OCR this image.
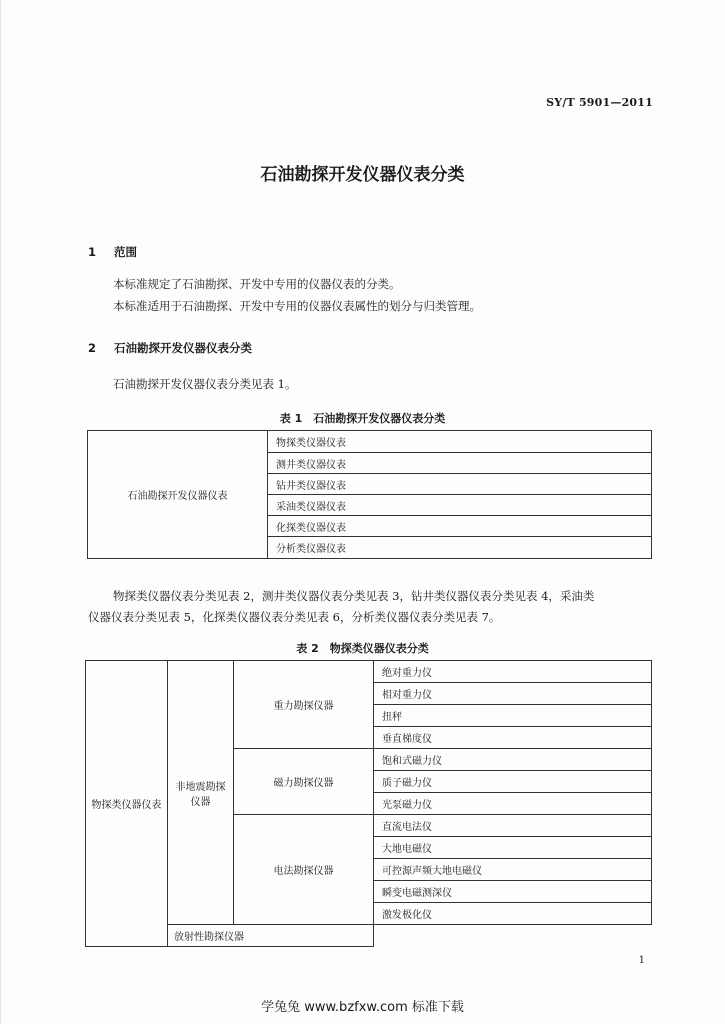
SY/T 5901—2011
石油勘探开发仪器仪表分类
1 范围
本标准规定了石油勘探、开发中专用的仪器仪表的分类。
本标准适用于石油勘探、开发中专用的仪器仪表属性的划分与归类管理。
2 石油勘探开发仪器仪表分类
石油勘探开发仪器仪表分类见表 1。
表 1　石油勘探开发仪器仪表分类
石油勘探开发仪器仪表	物探类仪器仪表
测井类仪器仪表
钻井类仪器仪表
采油类仪器仪表
化探类仪器仪表
分析类仪器仪表
物探类仪器仪表分类见表 2，测井类仪器仪表分类见表 3，钻井类仪器仪表分类见表 4，采油类
仪器仪表分类见表 5，化探类仪器仪表分类见表 6，分析类仪器仪表分类见表 7。
表 2　物探类仪器仪表分类
物探类仪器仪表	非地震勘探仪器	重力勘探仪器	绝对重力仪
			相对重力仪
			扭秤
			垂直梯度仪
		磁力勘探仪器	饱和式磁力仪
			质子磁力仪
			光泵磁力仪
		电法勘探仪器	直流电法仪
			大地电磁仪
			可控源声频大地电磁仪
			瞬变电磁测深仪
			激发极化仪
	放射性勘探仪器		
1
学兔兔 www.bzfxw.com 标准下载
